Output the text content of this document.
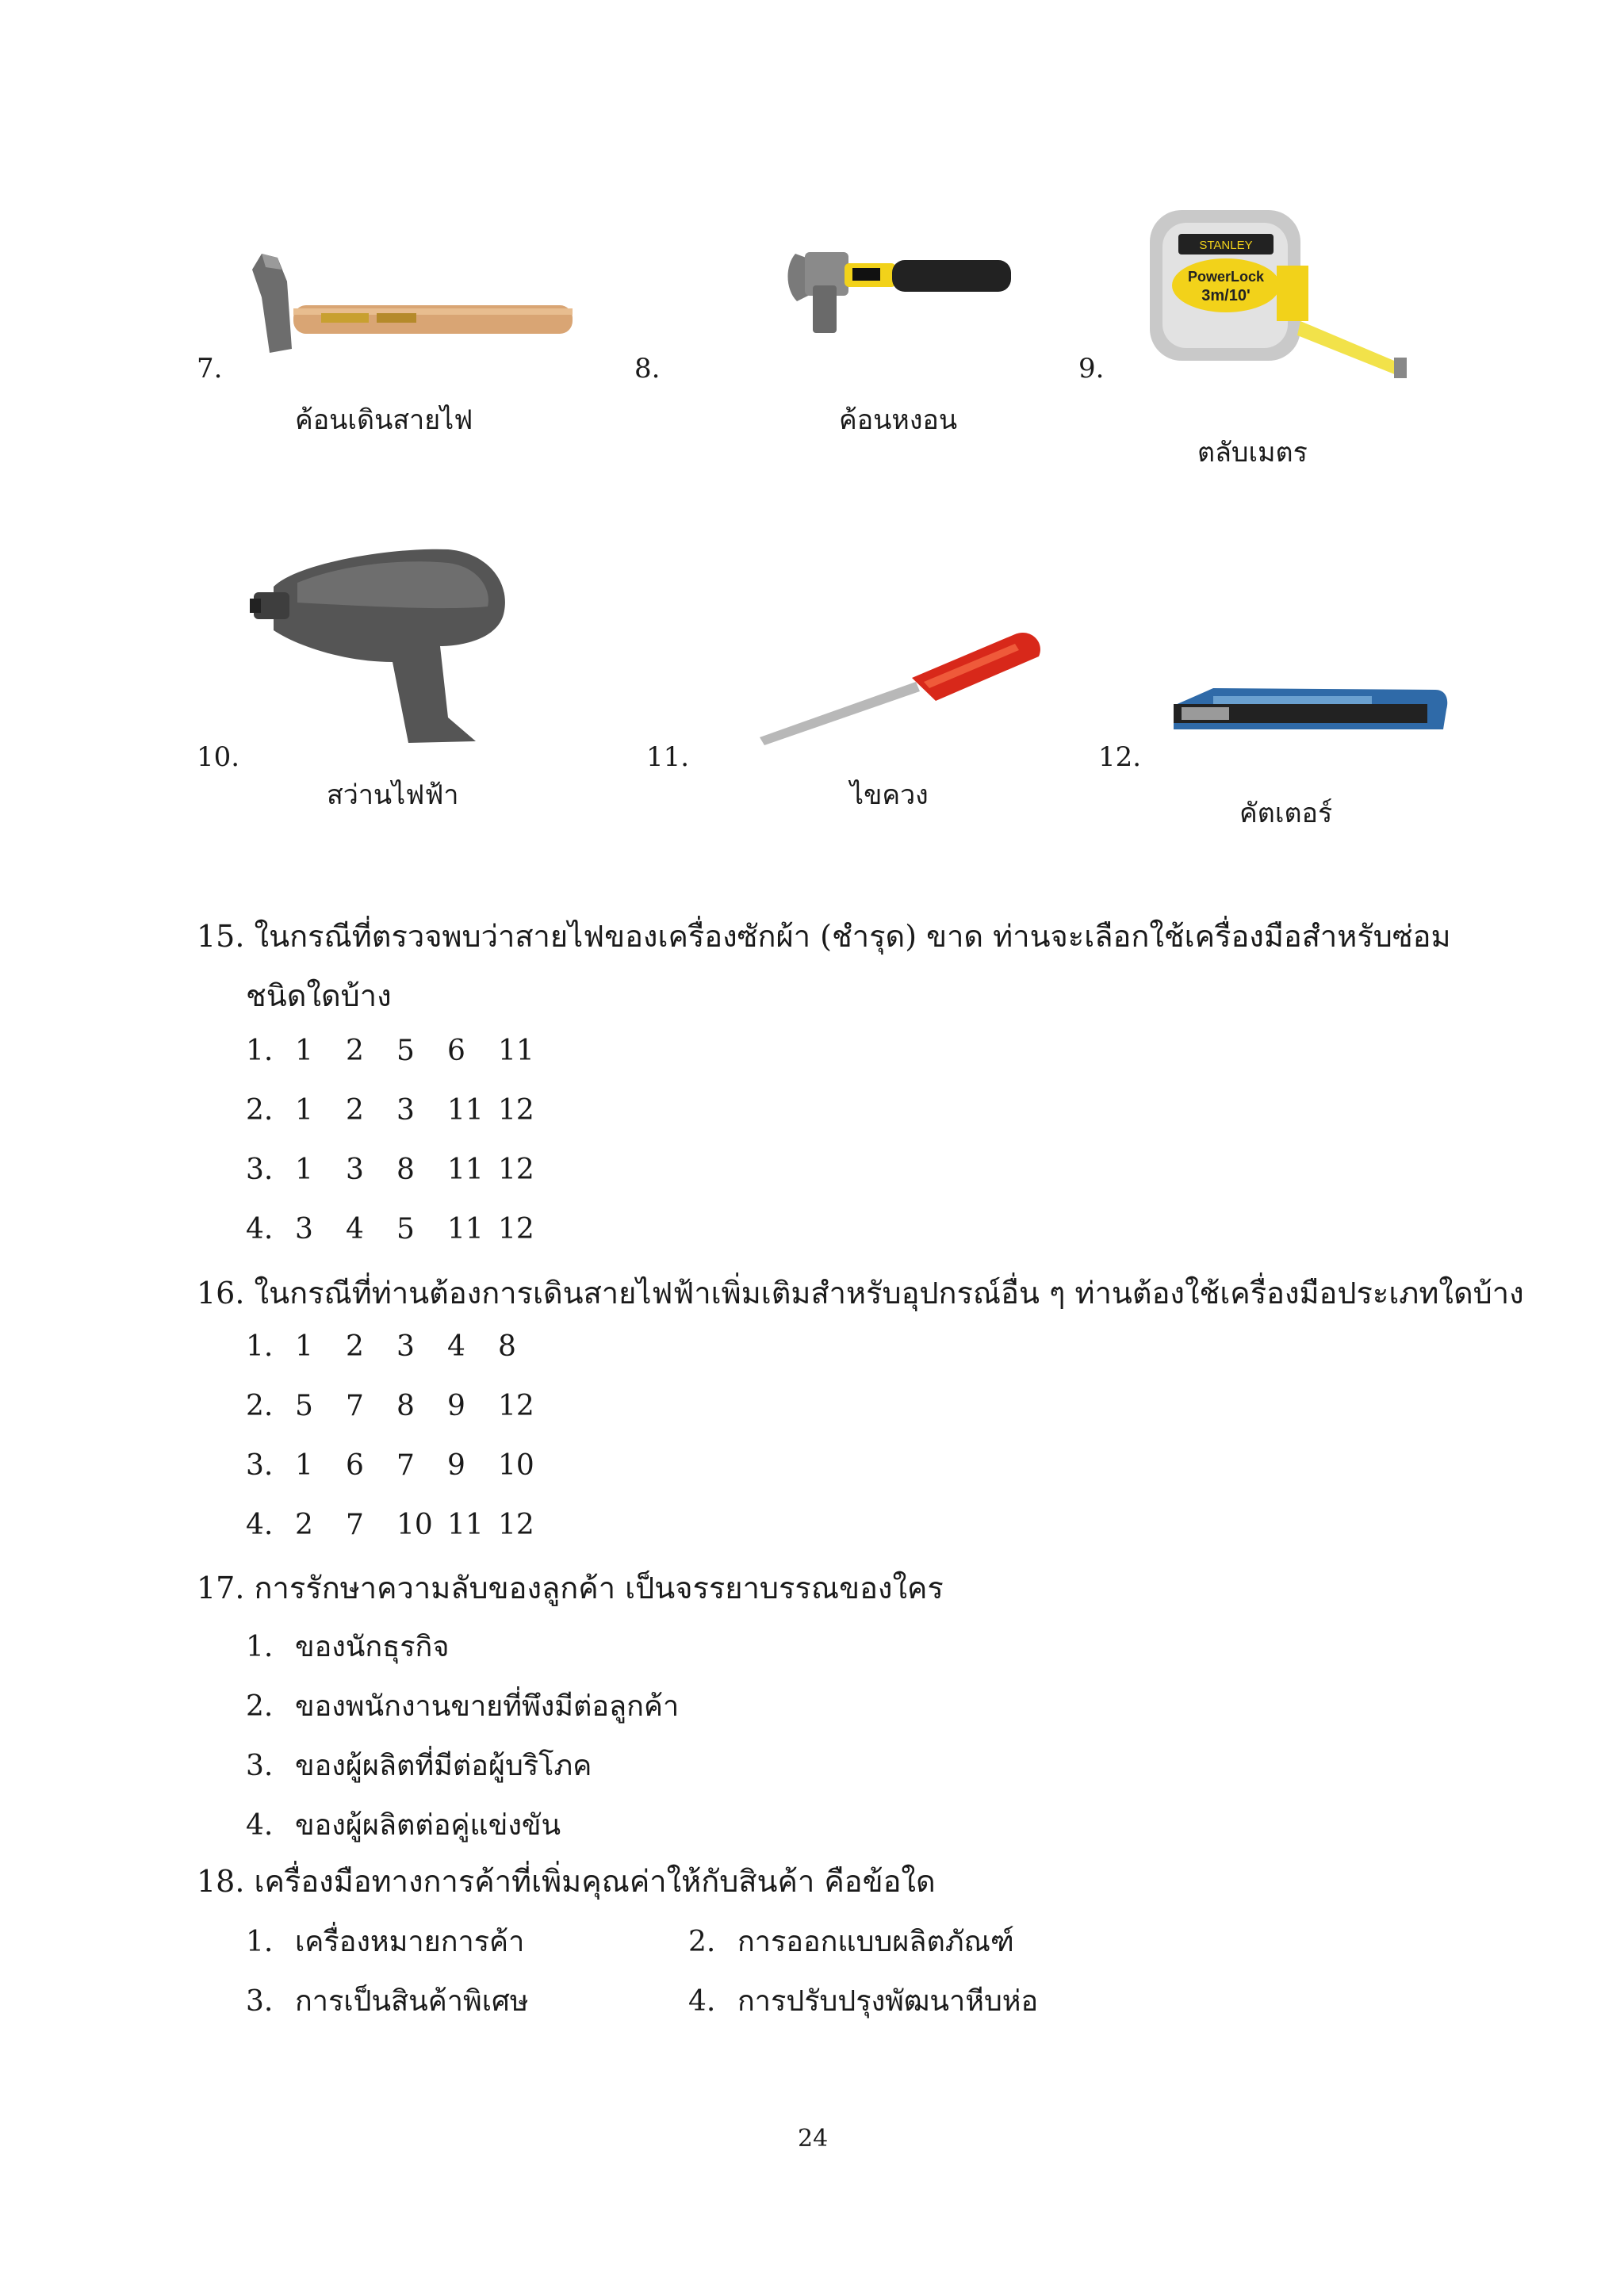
7.
ค้อนเดินสายไฟ
8.
ค้อนหงอน
9.
STANLEY
PowerLock
3m/10'
ตลับเมตร
10.
สว่านไฟฟ้า
11.
ไขควง
12.
คัตเตอร์
15. ในกรณีที่ตรวจพบว่าสายไฟของเครื่องซักผ้า (ชำรุด) ขาด ท่านจะเลือกใช้เครื่องมือสำหรับซ่อม
ชนิดใดบ้าง
1. 1 2 5 6 11
2. 1 2 3 11 12
3. 1 3 8 11 12
4. 3 4 5 11 12
16. ในกรณีที่ท่านต้องการเดินสายไฟฟ้าเพิ่มเติมสำหรับอุปกรณ์อื่น ๆ ท่านต้องใช้เครื่องมือประเภทใดบ้าง
1. 1 2 3 4 8
2. 5 7 8 9 12
3. 1 6 7 9 10
4. 2 7 10 11 12
17. การรักษาความลับของลูกค้า เป็นจรรยาบรรณของใคร
1. ของนักธุรกิจ
2. ของพนักงานขายที่พึงมีต่อลูกค้า
3. ของผู้ผลิตที่มีต่อผู้บริโภค
4. ของผู้ผลิตต่อคู่แข่งขัน
18. เครื่องมือทางการค้าที่เพิ่มคุณค่าให้กับสินค้า คือข้อใด
1. เครื่องหมายการค้า	2. การออกแบบผลิตภัณฑ์
3. การเป็นสินค้าพิเศษ	4. การปรับปรุงพัฒนาหีบห่อ
24
